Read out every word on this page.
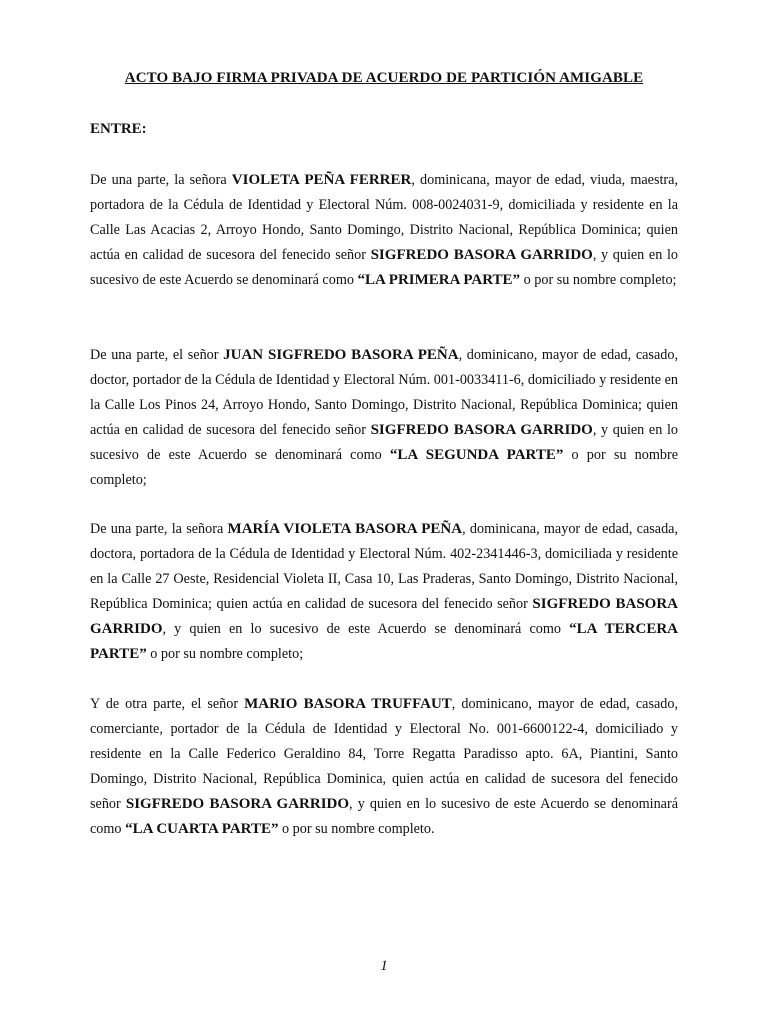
ACTO BAJO FIRMA PRIVADA DE ACUERDO DE PARTICIÓN AMIGABLE
ENTRE:

De una parte, la señora VIOLETA PEÑA FERRER, dominicana, mayor de edad, viuda, maestra, portadora de la Cédula de Identidad y Electoral Núm. 008-0024031-9, domiciliada y residente en la Calle Las Acacias 2, Arroyo Hondo, Santo Domingo, Distrito Nacional, República Dominica; quien actúa en calidad de sucesora del fenecido señor SIGFREDO BASORA GARRIDO, y quien en lo sucesivo de este Acuerdo se denominará como “LA PRIMERA PARTE” o por su nombre completo;

De una parte, el señor JUAN SIGFREDO BASORA PEÑA, dominicano, mayor de edad, casado, doctor, portador de la Cédula de Identidad y Electoral Núm. 001-0033411-6, domiciliado y residente en la Calle Los Pinos 24, Arroyo Hondo, Santo Domingo, Distrito Nacional, República Dominica; quien actúa en calidad de sucesora del fenecido señor SIGFREDO BASORA GARRIDO, y quien en lo sucesivo de este Acuerdo se denominará como “LA SEGUNDA PARTE” o por su nombre completo;

De una parte, la señora MARÍA VIOLETA BASORA PEÑA, dominicana, mayor de edad, casada, doctora, portadora de la Cédula de Identidad y Electoral Núm. 402-2341446-3, domiciliada y residente en la Calle 27 Oeste, Residencial Violeta II, Casa 10, Las Praderas, Santo Domingo, Distrito Nacional, República Dominica; quien actúa en calidad de sucesora del fenecido señor SIGFREDO BASORA GARRIDO, y quien en lo sucesivo de este Acuerdo se denominará como “LA TERCERA PARTE” o por su nombre completo;

Y de otra parte, el señor MARIO BASORA TRUFFAUT, dominicano, mayor de edad, casado, comerciante, portador de la Cédula de Identidad y Electoral No. 001-6600122-4, domiciliado y residente en la Calle Federico Geraldino 84, Torre Regatta Paradisso apto. 6A, Piantini, Santo Domingo, Distrito Nacional, República Dominica, quien actúa en calidad de sucesora del fenecido señor SIGFREDO BASORA GARRIDO, y quien en lo sucesivo de este Acuerdo se denominará como “LA CUARTA PARTE” o por su nombre completo.

1
